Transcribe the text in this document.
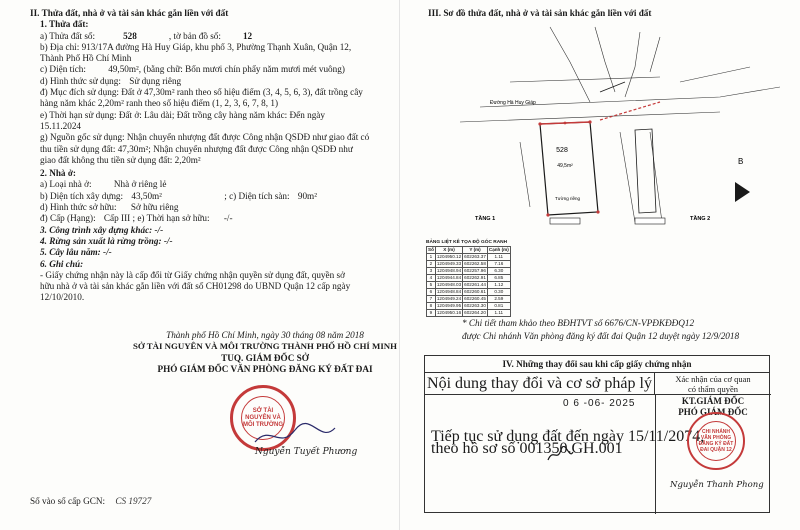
II. Thửa đất, nhà ở và tài sản khác gắn liền với đất
1. Thửa đất:
a) Thửa đất số:	528	, tờ bản đồ số: 12
b) Địa chỉ: 913/17A đường Hà Huy Giáp, khu phố 3, Phường Thạnh Xuân, Quận 12,
Thành Phố Hồ Chí Minh
c) Diện tích: 49,50m², (bằng chữ: Bốn mươi chín phẩy năm mươi mét vuông)
d) Hình thức sử dụng: Sử dụng riêng
đ) Mục đích sử dụng: Đất ở 47,30m² ranh theo số hiệu điểm (3, 4, 5, 6, 3), đất trồng cây
hàng năm khác 2,20m² ranh theo số hiệu điểm (1, 2, 3, 6, 7, 8, 1)
e) Thời hạn sử dụng: Đất ở: Lâu dài; Đất trồng cây hàng năm khác: Đến ngày
15.11.2024
g) Nguồn gốc sử dụng: Nhận chuyển nhượng đất được Công nhận QSDĐ như giao đất có
thu tiền sử dụng đất: 47,30m²; Nhận chuyển nhượng đất được Công nhận QSDĐ như
giao đất không thu tiền sử dụng đất: 2,20m²
2. Nhà ở:
a) Loại nhà ở: Nhà ở riêng lẻ
b) Diện tích xây dựng: 43,50m²	; c) Diện tích sàn: 90m²
d) Hình thức sở hữu: Sở hữu riêng
đ) Cấp (Hạng): Cấp III ; e) Thời hạn sở hữu: -/-
3. Công trình xây dựng khác: -/-
4. Rừng sản xuất là rừng trồng: -/-
5. Cây lâu năm: -/-
6. Ghi chú:
- Giấy chứng nhận này là cấp đổi từ Giấy chứng nhận quyền sử dụng đất, quyền sở
hữu nhà ở và tài sản khác gắn liền với đất số CH01298 do UBND Quận 12 cấp ngày
12/10/2010.
Thành phố Hồ Chí Minh, ngày 30 tháng 08 năm 2018
SỞ TÀI NGUYÊN VÀ MÔI TRƯỜNG THÀNH PHỐ HỒ CHÍ MINH
TUQ. GIÁM ĐỐC SỞ
PHÓ GIÁM ĐỐC VĂN PHÒNG ĐĂNG KÝ ĐẤT ĐAI
SỞ TÀI NGUYÊN VÀ MÔI TRƯỜNG
Nguyễn Tuyết Phương
Số vào sổ cấp GCN: CS 19727
III. Sơ đồ thửa đất, nhà ở và tài sản khác gắn liền với đất
528
49,5m²
Đường Hà Huy Giáp
Tường riêng
TẦNG 1	TẦNG 2
B
BẢNG LIỆT KÊ TỌA ĐỘ GÓC RANH
Số	X (m)	Y (m)	Cạnh (m)
1	1204950.12	602263.37	1.11
2	1204949.33	602262.58	7.16
3	1204948.94	602257.96	6.30
4	1204944.84	602262.91	6.85
5	1204948.03	602261.44	1.12
6	1204948.84	602260.61	0.30
7	1204949.24	602260.45	2.59
8	1204949.95	602263.30	0.81
9	1204950.16	602264.20	1.11
* Chi tiết tham khảo theo BĐHTVT số 6676/CN-VPĐKĐĐQ12
được Chi nhánh Văn phòng đăng ký đất đai Quận 12 duyệt ngày 12/9/2018
IV. Những thay đổi sau khi cấp giấy chứng nhận
Nội dung thay đổi và cơ sở pháp lý	Xác nhận của cơ quan
có thẩm quyền
0 6 -06- 2025
Tiếp tục sử dụng đất đến ngày 15/11/2074,
theo hồ sơ số 001350.GH.001
KT.GIÁM ĐỐC
PHÓ GIÁM ĐỐC
CHI NHÁNH VĂN PHÒNG ĐĂNG KÝ ĐẤT ĐAI QUẬN 12
Nguyễn Thanh Phong
